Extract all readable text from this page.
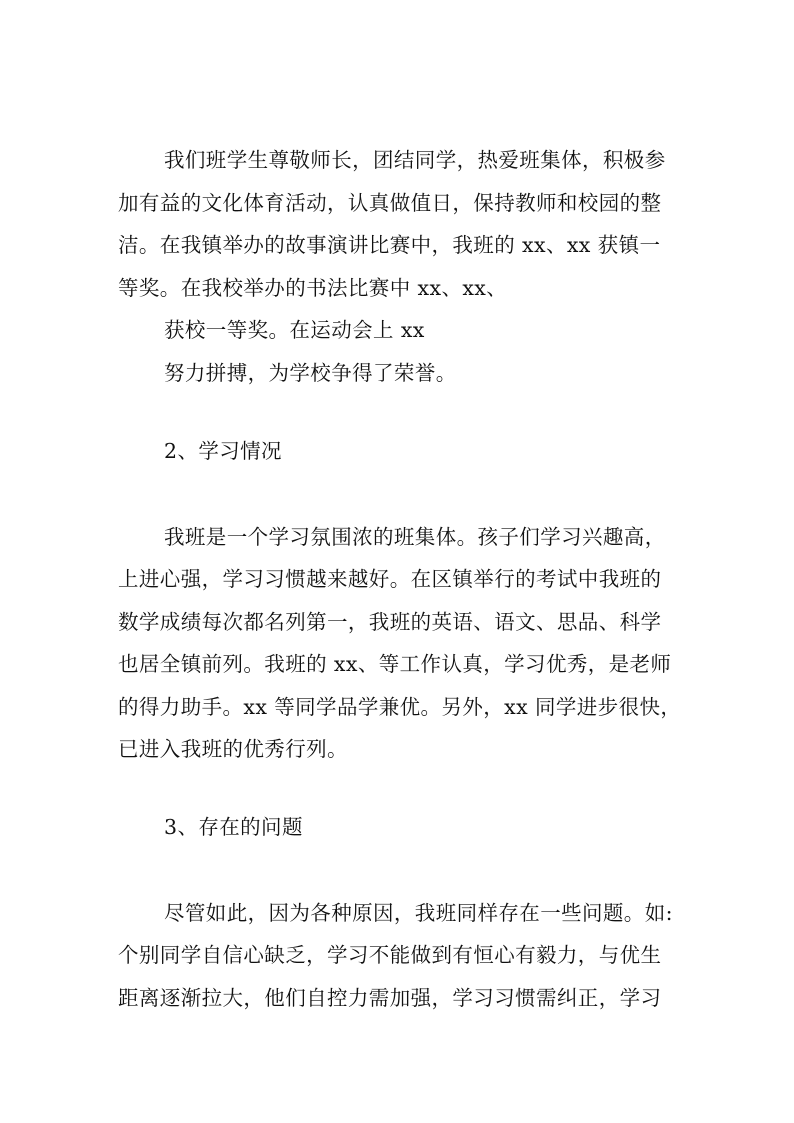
我们班学生尊敬师长，团结同学，热爱班集体，积极参
加有益的文化体育活动，认真做值日，保持教师和校园的整
洁。在我镇举办的故事演讲比赛中，我班的 xx、xx 获镇一
等奖。在我校举办的书法比赛中 xx、xx、
获校一等奖。在运动会上 xx
努力拼搏，为学校争得了荣誉。
2、学习情况
我班是一个学习氛围浓的班集体。孩子们学习兴趣高，
上进心强，学习习惯越来越好。在区镇举行的考试中我班的
数学成绩每次都名列第一，我班的英语、语文、思品、科学
也居全镇前列。我班的 xx、等工作认真，学习优秀，是老师
的得力助手。xx 等同学品学兼优。另外，xx 同学进步很快，
已进入我班的优秀行列。
3、存在的问题
尽管如此，因为各种原因，我班同样存在一些问题。如:
个别同学自信心缺乏，学习不能做到有恒心有毅力，与优生
距离逐渐拉大，他们自控力需加强，学习习惯需纠正，学习
